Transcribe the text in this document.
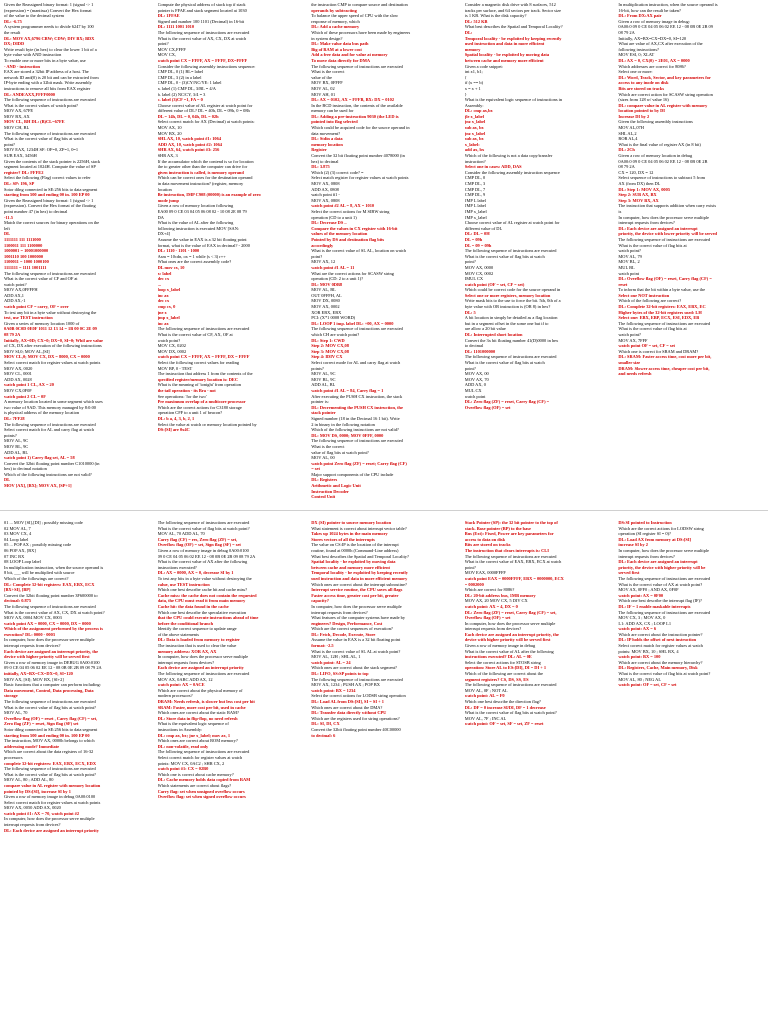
Given the Reassigned binary format: 1 (signal -> 1
(expression) = (mantissa) Convert the Hex format
of the value to the decimal system
DL: -6.75
A system programmer needs to divide 6247 by 100
the result
DL: MOV AX,6796 CBW; CDW; DIV BX; BDX
DX; DIDD
Write result byte (in hex) to clear the lower 1 bit of a
byte value with AND instruction
To enable one or more bits in a byte value, use
- AND - instruction
EAX are stored a 32bit IP address of a host. The
network ID and(0) is 20 bit and can be extracted from
IP-byte ending with a 32bit mask. Write assembly
instructions to remove all bits from EAX register
DL: ANDEAXX,FFFF0000
The following sequence of instructions are executed
What is the correct values of watch point?
MOV AX, 67FE
MOV BX, AX
MOV CL, BH DL: (B)CL=67FE
MOV CH, BL
The following sequence of instructions are executed
What is the correct value of flag bits at watch
point?
MOV EAX, 1234H SF: OF=0, ZF=1, 0=1
SUB EAX, 3456H
Given the contents of the stack pointer is 2256H, stack
segment located at 1024H. Compute the value of SP
register? DL: FFFE2
Select the following (Flag) correct values to refer
DL: SP: 196, SP
Sotor dilng connected in SE:256 bits to data segment
starting from 500 and ending 00 in. 100 EP 00
Given the Reassigned binary format: 1 (signal -> 1
(expression). Convert the Hex format of the floating
point number 47 (in hex) to decimal
-11.5
Match the correct sources for binary operations on the
left
DL
1111111 111 1111000
1100011 111 1100000
1000001 = 10001000000
1001110 100 1000000
1100011 = 1000 1000100
1111111 = 1111 1001111
The following sequence of instructions are executed
What is the correct value of CF and OF at
watch point?
MOV AX,0FFFFH
ADD AX,1
ADD AX,-1
watch point CF = carry, OF = over
To test any bit in a byte value without destroying the
test, use TEST instruction
Given a series of memory location 1000 of
0A0B 0C0D 0E0F 1011 12 13 14 = 1B 00 0C 2E 09
08 79 2A
Initially, AX=0D; CX=0; DX=0, SI=0; Whil are value
of CX, DX after execution of the following instructions
MOV SI,0; MOV AL,[SI]
MOV CL,0; MOV CX, DX = 8000, CX = 0000
Select correct match for register values at watch points
MOV AX, 0020
MOV CL, 0001
ADD AX, 0028
watch point 1 CL, AX = 20
MOV CX,0F0F
watch point 2 CL = 0F
A memory location located in some segment which uses
two value of 9AD. This memory managed by 8:0:00
is physical address of the memory location
DL: 7FF28
The following sequence of instructions are executed
Select correct match for AL and carry flag at watch
points?
MOV AL, 9C
MOV BL, 9C
ADD AL, BL
watch point 1) Carry flag set, AL = 58
Convert the 32bit floating point number C1010000 (in
hex) to decimal notation
Which of the following instructions are not valid?
DL
MOV [AX], [BX]; MOV AX, [SP+1]
Compute the physical address of stack top if stack
pointer is FFAE and stack segment located at 1030
DL: 1FFAE
Signed and number 100 1101 (Decimal) in 16-bit
DL: 1111 1001 1010
The following sequence of instructions are executed
What is the correct value of AX, CX, DX at watch
point?
MOV CX,FFFF
MOV CX,
watch point CX = FFFF, AX = FFFF, DX=FFFF
Consider the following assembly instructions sequence:
CMP DL, 0 (1) BL= label
CMP DL, 3 (2) in a label
CMP DL, 0 - (3)CY/NC/YE: 1 label
a. label (1) CMP DL, 3/BL = 4/A
b. label (2) NC/CY, 3/4 = 3
c. label (3)CF =1, FA = 0
Choose correct value of AL register at watch point for
different value of DL? DL = 40h, DL = 09h, 0 = 08h
DL = 14h, DL = 0, 04h, DL = 02h
Select correct match for AX (Decimal) at watch points:
MOV AX, 10
MOV BX, 20
SHL AX, 10, watch point #1: 1064
ADD AX, 10, watch point #2: 1064
SHR AX, 64, watch point #3: 256
SHR AX, 3
If the accumulator which the contend is so for location
the to greater other than the computer can drive for
given instruction is called, is memory operand
Which can be correct ones for the destination operand
in data movement instruction? (register, memory
location
Be instruction, IMP C908 (00000) is an example of zero
mode jump
Given a row of memory location following
EA00 09 0 CE 03 04 05 06 08 02 - 10 08 2E 08 79
DA
What is the value of AL after the following
following instruction is executed MOV [SAN:
DX+4]
Assume the value in EAX is a 32 bit floating point
format, what is the value of EAX in decimal? - 2000
DL: 1110 - 1101 - 1000
Asm = 10cdn, ox = 1 while (s < 3) r++
What ones are the correct assembly code?
DL mov cx, 10
x: label
dec cx
...
loop x_label
inc ax
dec cx
cmp cx, 0
jne x
jmp x_label
inc ax
The following sequence of instructions are executed
What is the correct value of CF, AX, OF at
watch point?
MOV CX, 0202
MOV DX, 0002
watch point CX = FFFF, AX = FFFF, DX = FFFF
Select the following correct values for reading
MOV BP, 0 - TEST
The instruction that address 1 from the contents of the
specified register/memory location is: DEC
What is the meaning of 'tonight' from operation
the tail operation - its Bra - not
See operations: 'for the two'
Pre maximum overlap of a multicore processor
Which are the correct actions for C3180 storage
operation CFF to a unit 1 of beacon?
DL: b a, 4, 3, b, 2, 1
Select the value at watch or memory location pointed by
DS:[SI] are 0x4C
the instruction CMP to compare source and destination
operands by subtracting
To balance the upper speed of CPU with the slow
response of memory, which
DL: Add a cache memory
Which of these processors have been made by engineers
in system design?
DL: Make value data bus path
Big of RAM at a lower cost
Add a free data and for value at memory
To move data directly for DMA
The following sequence of instructions are executed
What is the correct
value of the
MOV BX, 0FFFF
MOV AL, 02
MOV AH, 01
DL: AX = 0102, AX = FFFB, BX: DX = 0102
In the BCD instruction, the contents of the available
memory can be used for
DL: Adding a pre-instruction 9030 (the LED is
pointed into flag selected
Which could be acquired code for the source operand in
data movement?
DL: Stdin a data
memory location
Register
Convert the 32 bit floating point number 4078000 (in
hex) to decimal
DL: 3.875
Which (2) (3) correct code? =
Select match register for register values at watch points
MOV AX, 0808
ADD AX, 0808
watch point #1 -
MOV AX, 0808
watch point #2 AL = 8, AX = 1010
Select the correct actions for M SIBW string
operation (CD to a unit 1)
DL: Decrease DS ..
Compare the values in CX register with 16-bit
values of the memory location
Pointed by DS and destination flag bits
accordingly
What is the correct value of SL AL, location on watch
point?
MOV AX, 12
watch point #1 AL = 11
What are the correct actions for SCASW string
operation (CD: 2 to a unit 1)?
DL: MOV 0DB8
MOV AL, BL
OUT 0FFFH, AL
MOV DX, 0080
MOV AX, 0002
XOR EBX, EBX
PCI: (X*1 0008 WORD)
DL: LOOP 1 imp. label DL: +00, AX = 0000
The following sequence of instructions are executed
which CH are watch point?
DL: Step 1: CWD
Step 2: MOV CX,08
Step 3: MOV CX,08
Step 4: IDIV CX
Select correct mode for AL and carry flag at watch
points?
MOV AL, 9C
MOV BL, 9C
ADD AL, BL
watch point #1 AL = 84, Carry flag = 1
After executing the PUSH CX instruction, the stack
pointer is:
DL: Decrementing the PUSH CX instruction, the
stack pointer
Signed number (18 in the Decimal 16 1 bit). Write
2 in binary in the following notation
Which of the following instructions are not valid?
DL: MOV DS, 0000; MOV 0FFF, 0000
The following sequence of instructions are executed
What is the correct
value of flag bits at watch point?
MOV AL, 00
watch point Zero flag (ZF) = reset; Carry flag (CF)
= set
Major support components of the CPU include
DL: Registers
Arithmetic and Logic Unit
Instruction Decoder
Control Unit
Consider a magnetic disk drive with 8 surfaces, 512
tracks per surface, and 64 sectors per track. Sector size
is 1 KB. What is the disk capacity?
DL: 512 KB
What best describes the Spatial and Temporal Locality?
DL:
Temporal locality - be exploited by keeping recently
used instruction and data in more efficient
memory
Spatial locality - be exploited by moving data
between cache and memory more efficient
Given a code snippet:
int x1, b1;
{
if (x == b)
x = x + 1
}
What is the equivalent logic sequence of instructions in
Assembly:
DL: cmp ax,bx
jle x_label
jnz x_label
sub ax, bx
jnz x_label
sub ax, bx
x_label:
add ax, bx
Which of the following is not a data copy/transfer
instruction?
Select one in cases: ADD, DAS
Consider the following assembly instruction sequence
CMP DL, 0
CMP DL, 3
CMP DL, 7
CMP DL, 9
JMP L label
JMP L label
JMP x_label
JMP x_label
Choose correct value of AL register at watch point for
different value of DL
DL: DL = 0H
DL = 09h
DL = 09 = 09h
The following sequence of instructions are executed
What is the correct value of flag bits at watch
point?
MOV AX, 0000
MOV CX, 0002
IMUL CX
watch point (OF = set, CF = set)
Which could be correct code for the source operand in
Select one or more registers, memory location
Write mask bits to the use to force the bit. 5th, 0th of a
byte value with OR instruction is (OR 8) in hex?
DL: 5
A bit location in simply be detailed as a flag location
but in a segment offset in the some one but if to
are allow a 20 bit value
DL: Interrupted short location
Convert the 3x bit floating number 41(D)0000 in hex
to decimal
DL: 1101000000
The following sequence of instructions are executed
What is the correct value of flag bits at watch
point?
MOV AX, 00
MOV AX, 70
ADD AX, 0
MUL CX
watch point
DL: Zero flag (ZF) = reset, Carry flag (CF) =
Overflow flag (OF) = set
In multiplication instruction, when the source operand is
16-bit, how can the result be taken?
DL: From DX:AX pair
Given a row of memory image in debug:
0A00:0 09 0 CE 04 05 06 02 EE 12 - 08 0B 0E 2B 09
08 79 2A
Initially, AX=BX=CX=DX=0, SI=120
What are value of AX,CX after execution of the
following instructions?
MOV ESI, 0; XLAT
DL: AX = 0, CX(0) = 2E01, AX = 0000
Which addresses are correct for 8086?
Select one or more:
DL: Word, Track, Sector, and key parameters for
access to any inode on disk
Bits are stored on tracks
Which are correct action for SCASW string operation
(sizes from 128 w/ value 16)
DL: compare value in AL register with memory
location pointed to by DI
Increase DI by 2
Given the following assembly instructions
MOV AL,07H
SHL AL,2
ROR AL,4
What is the final value of register AX (in 8 bit)
DL: 2Ch
Given a row of memory location in debug
0A00:0 09 0 CE 04 05 06 02 EE 12 - 08 0B 0E 2B
08 79 2A
CX = 120, DX = 12
Select sequence of instructions to subtract 5 from
AX (from DX) then DL
DL: Step 1: MOV AX, 0005
Step 2: SUB AX, BX
Step 3: MOV BX, AX
The instruction that supports addition when carry exists
is
In computer, how does the processor serve multiple
interrupt requests from devices?
DL: Each device are assigned an interrupt
priority, the device with lower priority will be served
The following sequence of instructions are executed
What is the correct value of flag bits at
watch point?
MOV AL, 79
MOV BL, 2
MUL BL
watch point
DL: Overflow flag (OF) = reset, Carry flag (CF) =
reset
To inform that the bit within a byte value, use the
Select one NOT instruction
Which of the following are correct?
DL: Complete 32-bit registers: EAX, EBX, EC
Higher bytes of the 32-bit registers used: LH
Select one: EBX, EBP, ECX, ESI, EDX, EB
The following sequence of instructions are executed
What is the correct value of flag bits at
watch point?
MOV AX, 7FFF
watch point OF = set, CF = set
Which one is correct for SRAM and DRAM?
DL: SRAM: Faster access time, cost more per bit,
smaller size
DRAM: Slower access time, cheaper cost per bit,
and needs refresh
01 ... MOV [SI],[DI] ; possibly missing code
02 MOV AL, 7
03 MOV CX, 4
04 Loop label
05 ... POP AX ; possibly missing code
06 POP AX, [BX]
07 INC BX
08 LOOP Loop label
In multiplication instruction, when the source operand is
8 bit, ___ will be multiplied with source
Which of the followings are correct?
DL: Complete 32-bit registers: EAX, EBX, ECX
[BX+SI], [BP]
Convert the 32bit floating point number 3F600000 to
decimal: 0.875
The following sequence of instructions are executed
What is the correct value of AX, CX, DX at watch point?
MOV AX, 0004 MOV CX, 0003
watch point AX = 0000, CX = 0000, DX = 0000
Which of the assignment performed by the process is
execution? DL: 0000 - 0003
In computer, how does the processor serve multiple
interrupt requests from devices?
Each device are assigned an interrupt priority, the
device with higher priority will be served first
Given a row of memory image in DEBUG 0A00:0100
09 0 CE 04 05 06 02 EE 12 - 08 0B 0E 2B 09 08 79 2A
initially, AX=BX=CX=DX=0, SI=120
MOV AX, [SI]; MOV BX, [SI+2]
Basic functions that a computer can perform including:
Data movement, Control, Data processing, Data
storage
The following sequence of instructions are executed
What is the correct value of flag bits at watch point?
MOV AL, 70
Overflow flag (OF) = reset , Carry flag (CF) = set,
Zero flag (ZF) = reset, Sign flag (SF) set
Sotor dilng connected in SE:256 bits to data segment
starting from 500 and ending 00 in. 100 EP 00
The instruction, MOV AX, 0000h belongs to which
addressing mode? Immediate
Which are correct about the data registers of 16-32
processors
complete 32-bit registers: EAX, EBX, ECX, EDX
The following sequence of instructions are executed
What is the correct value of flag bits at watch point?
MOV AL, 80 ; ADD AL, 80
compare value in AL register with memory location
pointed by DS:[SI], increase SI by 1
Given a row of memory image in debug 0A00:0100
Select correct match for register values at watch points
MOV AX, 0050 ADD AX, 0020
watch point #1: AX = 70, watch point #2
In computer, how does the processor serve multiple
interrupt requests from devices?
DL: Each device are assigned an interrupt priority
The following sequence of instructions are executed
What is the correct value of flag bits at watch point?
MOV AL, 70 ADD AL, 70
Carry flag (CF) = res, Zero flag (ZF) = set,
Overflow flag (OF) = set, Sign flag (SF) = set
Given a row of memory image in debug 0A00:0100
09 0 CE 04 05 06 02 EE 12 - 08 0B 0E 2B 09 08 79 2A
What is the correct value of AX after the following
instructions executed?
DL: AX = 0000, AX = 0, decrease SI by 1
To test any bits in a byte value without destroying the
value, use TEST instruction
Which one best describe cache hit and cache miss?
Cache miss: the cache does not contain the requested
data, the CPU must read it from main memory
Cache hit: the data found in the cache
Which one best describe the speculative execution
that the CPU could execute instructions ahead of time
before the conditional branch
Identify the correct sequence to update range
of the above statements
DL: Data is loaded from memory to register
The instruction that is used to clear the value
memory address: XOR AX, AX
In computer, how does the processor serve multiple
interrupt requests from devices?
Each device are assigned an interrupt priority
The following sequence of instructions are executed
MOV AX, 0ABC ADD AX, 12
watch point: AX = 0ACE
Which are correct about the physical memory of
modern processors?
DRAM: Needs refresh, is slower but less cost per bit
SRAM: Faster, more cost per bit, used in cache
Which ones are correct about the static RAM?
DL: Store data in flip-flop, no need refresh
What is the equivalent logic sequence of
instructions in Assembly:
DL: cmp ax, bx; jne x_label; mov ax, 1
Which ones are correct about ROM memory?
DL: non-volatile, read only
The following sequence of instructions are executed
Select correct match for register values at watch
points: MOV CX, 0AC2 ; SHR CX, 2
watch point #1: CX = 02B0
Which one is correct about cache memory?
DL: Cache memory holds data copied from RAM
Which statements are correct about flags?
Carry flag: set when unsigned overflow occurs
Overflow flag: set when signed overflow occurs
DX (SI) pointer to source memory location
What statement is correct about interrupt vector table?
Takes up 1024 bytes in the main memory
Stores vectors of all the interrupts
The value on CS:IP is the location of the interrupt
routine, found at 0000h (Command-Line address)
What best describes the Spatial and Temporal Locality?
Spatial locality - be exploited by moving data
between cache and memory more efficient
Temporal locality - be exploited by keeping recently
used instruction and data in more efficient memory
Which ones are correct about the interrupt subroutine?
Interrupt service routine, the CPU saves all flags
Faster access time, greater cost per bit, greater
capacity?
In computer, how does the processor serve multiple
interrupt requests from devices?
What features of the computer systems have made by
engineers? Design, Performance, Cost
Which are the correct sequences of execution?
DL: Fetch, Decode, Execute, Store
Assume the value in EAX is a 32 bit floating point
format: -2.5
What is the correct value of SL AL at watch point?
MOV AL, 12H ; SHL AL, 1
watch point: AL = 24
Which ones are correct about the stack segment?
DL: LIFO, SS:SP points to top
The following sequence of instructions are executed
MOV AX, 1234 ; PUSH AX ; POP BX
watch point: BX = 1234
Select the correct actions for LODSB string operation
DL: Load AL from DS:[SI], SI = SI + 1
Which ones are correct about the DMA?
DL: Transfer data directly without CPU
Which are the registers used for string operations?
DL: SI, DI, CX
Convert the 32bit floating point number 40C00000
to decimal: 6
Stack Pointer (SP): the 32 bit pointer to the top of
stack. Base pointer (BP) to the base
Bus (Ext): Fixed, Power are key parameters for
access to data on disk
Bits are stored on tracks
The instruction that clears interrupts is: CLI
The following sequence of instructions are executed
What is the correct value of EAX, EBX, ECX at watch
point?
MOV EAX, 0000FFFF
watch point EAX = 0000FFFF, EBX = 0000000, ECX
= 0002000
Which are correct for 8086?
DL: 20-bit address bus, 1MB memory
MOV AX, 20 MOV CX, 5 DIV CX
watch point: AX = 4, DX = 0
DL: Zero flag (ZF) = reset, Carry flag (CF) = set,
Overflow flag (OF) = set
In computer, how does the processor serve multiple
interrupt requests from devices?
Each device are assigned an interrupt priority, the
device with higher priority will be served first
Given a row of memory image in debug
What is the correct value of AL after the following
instructions executed? DL: AL = 0E
Select the correct actions for STOSB string
operation: Store AL to ES:[DI], DI = DI + 1
Which of the following are correct about the
segment registers? CS, DS, SS, ES
The following sequence of instructions are executed
MOV AL, 0F ; NOT AL
watch point: AL = F0
Which one best describe the direction flag?
DL: DF = 0 increase SI/DI, DF = 1 decrease
What is the correct value of flag bits at watch point?
MOV AL, 7F ; INC AL
watch point: OF = set, SF = set, ZF = reset
DS:SI pointed to Instruction
Which are the correct actions for LODSW string
operation (SI register SI = 0)?
DL: Load AX from memory at DS:[SI]
increase SI by 2
In computer, how does the processor serve multiple
interrupt requests from devices?
DL: Each device are assigned an interrupt
priority, the device with higher priority will be
served first
The following sequence of instructions are executed
What is the correct value of AX at watch point?
MOV AX, 0FF0 ; AND AX, 0F0F
watch point: AX = 0F00
Which one best describe the interrupt flag (IF)?
DL: IF = 1 enable maskable interrupts
The following sequence of instructions are executed
MOV CX, 3 ; MOV AX, 0
L1: ADD AX, CX ; LOOP L1
watch point: AX = 6
Which are correct about the instruction pointer?
DL: IP holds the offset of next instruction
Select correct match for register values at watch
points: MOV BX, 10 ; SHL BX, 4
watch point: BX = 100
Which are correct about the memory hierarchy?
DL: Registers, Cache, Main memory, Disk
What is the correct value of flag bits at watch point?
MOV AL, 80 ; NEG AL
watch point: OF = set, CF = set
